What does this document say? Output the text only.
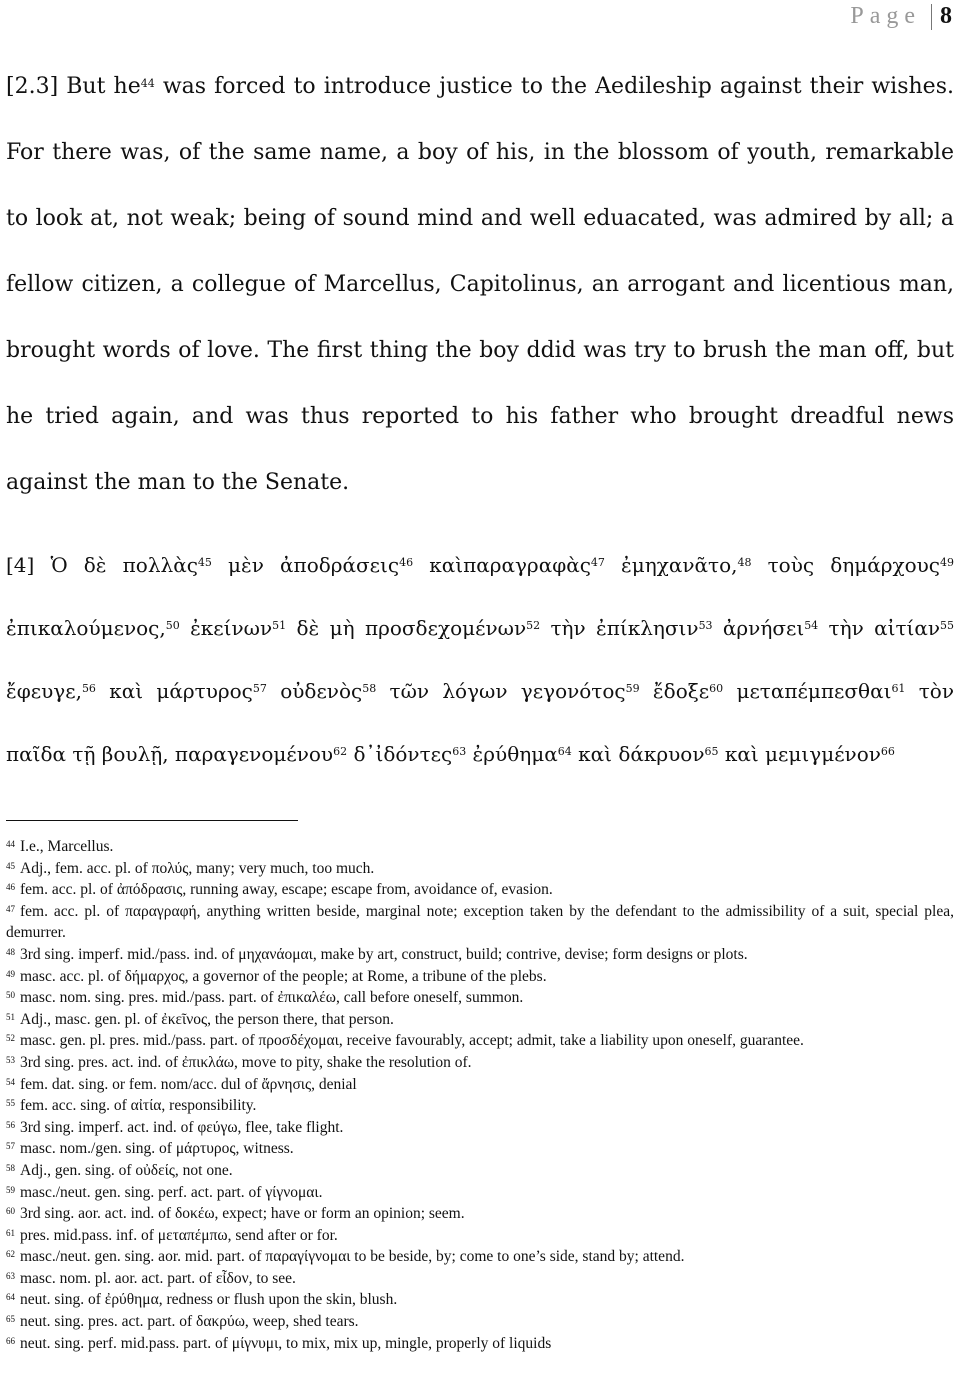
Page 8
[2.3] But $he^{44}$ was forced to introduce justice to the Aedileship against their wishes. For there was, of the same name, a boy of his, in the blossom of youth, remarkable to look at, not weak; being of sound mind and well eduacated, was admired by all; a fellow citizen, a collegue of Marcellus, Capitolinus, an arrogant and licentious man, brought words of love. The first thing the boy ddid was try to brush the man off, but he tried again, and was thus reported to his father who brought dreadful news against the man to the Senate.
[4] Ὁ δὲ πολλὰς$^{45}$ μὲν ἀποδράσεις$^{46}$ καὶπαραγραφὰς$^{47}$ ἐμηχανᾶτο,$^{48}$ τοὺς δημάρχους$^{49}$ ἐπικαλούμενος,$^{50}$ ἐκείνων$^{51}$ δὲ μὴ προσδεχομένων$^{52}$ τὴν ἐπίκλησιν$^{53}$ ἀρνήσει$^{54}$ τὴν αἰτίαν$^{55}$ ἔφευγε,$^{56}$ καὶ μάρτυρος$^{57}$ οὐδενὸς$^{58}$ τῶν λόγων γεγονότος$^{59}$ ἔδοξε$^{60}$ μεταπέμπεσθαι$^{61}$ τὸν παῖδα τῇ βουλῇ, παραγενομένου$^{62}$ δ᾽ἰδόντες$^{63}$ ἐρύθημα$^{64}$ καὶ δάκρυον$^{65}$ καὶ μεμιγμένον$^{66}$
$^{44}$ I.e., Marcellus.
$^{45}$ Adj., fem. acc. pl. of πολύς, many; very much, too much.
$^{46}$ fem. acc. pl. of ἀπόδρασις, running away, escape; escape from, avoidance of, evasion.
$^{47}$ fem. acc. pl. of παραγραφή, anything written beside, marginal note; exception taken by the defendant to the admissibility of a suit, special plea, demurrer.
$^{48}$ 3rd sing. imperf. mid./pass. ind. of μηχανάομαι, make by art, construct, build; contrive, devise; form designs or plots.
$^{49}$ masc. acc. pl. of δήμαρχος, a governor of the people; at Rome, a tribune of the plebs.
$^{50}$ masc. nom. sing. pres. mid./pass. part. of ἐπικαλέω, call before oneself, summon.
$^{51}$ Adj., masc. gen. pl. of ἐκεῖνος, the person there, that person.
$^{52}$ masc. gen. pl. pres. mid./pass. part. of προσδέχομαι, receive favourably, accept; admit, take a liability upon oneself, guarantee.
$^{53}$ 3rd sing. pres. act. ind. of ἐπικλάω, move to pity, shake the resolution of.
$^{54}$ fem. dat. sing. or fem. nom/acc. dul of ἄρνησις, denial
$^{55}$ fem. acc. sing. of αἰτία, responsibility.
$^{56}$ 3rd sing. imperf. act. ind. of φεύγω, flee, take flight.
$^{57}$ masc. nom./gen. sing. of μάρτυρος, witness.
$^{58}$ Adj., gen. sing. of οὐδείς, not one.
$^{59}$ masc./neut. gen. sing. perf. act. part. of γίγνομαι.
$^{60}$ 3rd sing. aor. act. ind. of δοκέω, expect; have or form an opinion; seem.
$^{61}$ pres. mid.pass. inf. of μεταπέμπω, send after or for.
$^{62}$ masc./neut. gen. sing. aor. mid. part. of παραγίγνομαι to be beside, by; come to one’s side, stand by; attend.
$^{63}$ masc. nom. pl. aor. act. part. of εἶδον, to see.
$^{64}$ neut. sing. of ἐρύθημα, redness or flush upon the skin, blush.
$^{65}$ neut. sing. pres. act. part. of δακρύω, weep, shed tears.
$^{66}$ neut. sing. perf. mid.pass. part. of μίγνυμι, to mix, mix up, mingle, properly of liquids
